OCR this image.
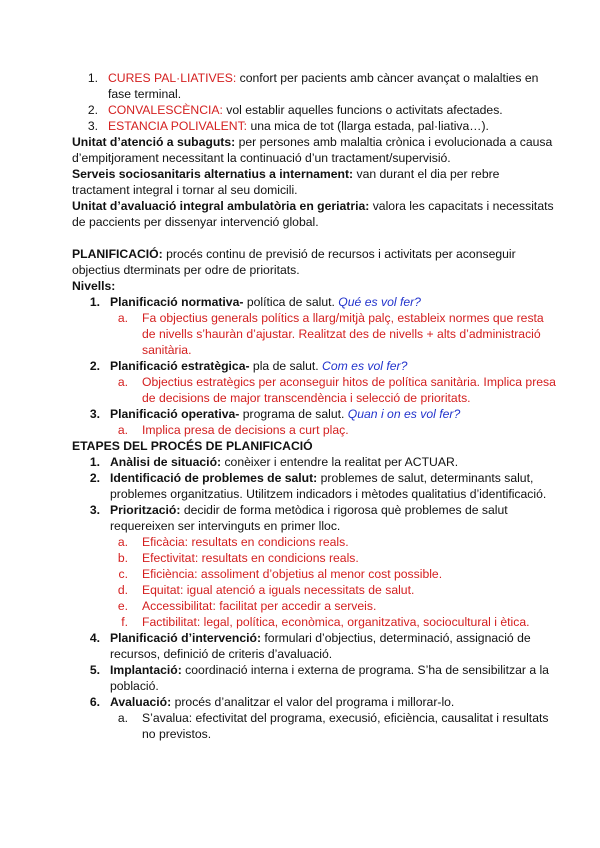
1. CURES PAL·LIATIVES: confort per pacients amb càncer avançat o malalties en fase terminal.
2. CONVALESCÈNCIA: vol establir aquelles funcions o activitats afectades.
3. ESTANCIA POLIVALENT: una mica de tot (llarga estada, pal·liativa…).

Unitat d’atenció a subaguts: per persones amb malaltia crònica i evolucionada a causa d’empitjorament necessitant la continuació d’un tractament/supervisió.

Serveis sociosanitaris alternatius a internament: van durant el dia per rebre tractament integral i tornar al seu domicili.

Unitat d’avaluació integral ambulatòria en geriatria: valora les capacitats i necessitats de paccients per dissenyar intervenció global.

PLANIFICACIÓ: procés continu de previsió de recursos i activitats per aconseguir objectius dterminats per odre de prioritats.

Nivells:

1. Planificació normativa- política de salut. Qué es vol fer?
a. Fa objectius generals polítics a llarg/mitjà palç, estableix normes que resta de nivells s’hauràn d’ajustar. Realitzat des de nivells + alts d’administració sanitària.
2. Planificació estratègica- pla de salut. Com es vol fer?
a. Objectius estratègics per aconseguir hitos de política sanitària. Implica presa de decisions de major transcendència i selecció de prioritats.
3. Planificació operativa- programa de salut. Quan i on es vol fer?
a. Implica presa de decisions a curt plaç.

ETAPES DEL PROCÉS DE PLANIFICACIÓ

1. Anàlisi de situació: conèixer i entendre la realitat per ACTUAR.
2. Identificació de problemes de salut: problemes de salut, determinants salut, problemes organitzatius. Utilitzem indicadors i mètodes qualitatius d’identificació.
3. Priorització: decidir de forma metòdica i rigorosa què problemes de salut requereixen ser intervinguts en primer lloc.
a. Eficàcia: resultats en condicions reals.
b. Efectivitat: resultats en condicions reals.
c. Eficiència: assoliment d’objetius al menor cost possible.
d. Equitat: igual atenció a iguals necessitats de salut.
e. Accessibilitat: facilitat per accedir a serveis.
f. Factibilitat: legal, política, econòmica, organitzativa, sociocultural i ètica.
4. Planificació d’intervenció: formulari d’objectius, determinació, assignació de recursos, definició de criteris d’avaluació.
5. Implantació: coordinació interna i externa de programa. S’ha de sensibilitzar a la població.
6. Avaluació: procés d’analitzar el valor del programa i millorar-lo.
a. S’avalua: efectivitat del programa, execusió, eficiència, causalitat i resultats no previstos.
